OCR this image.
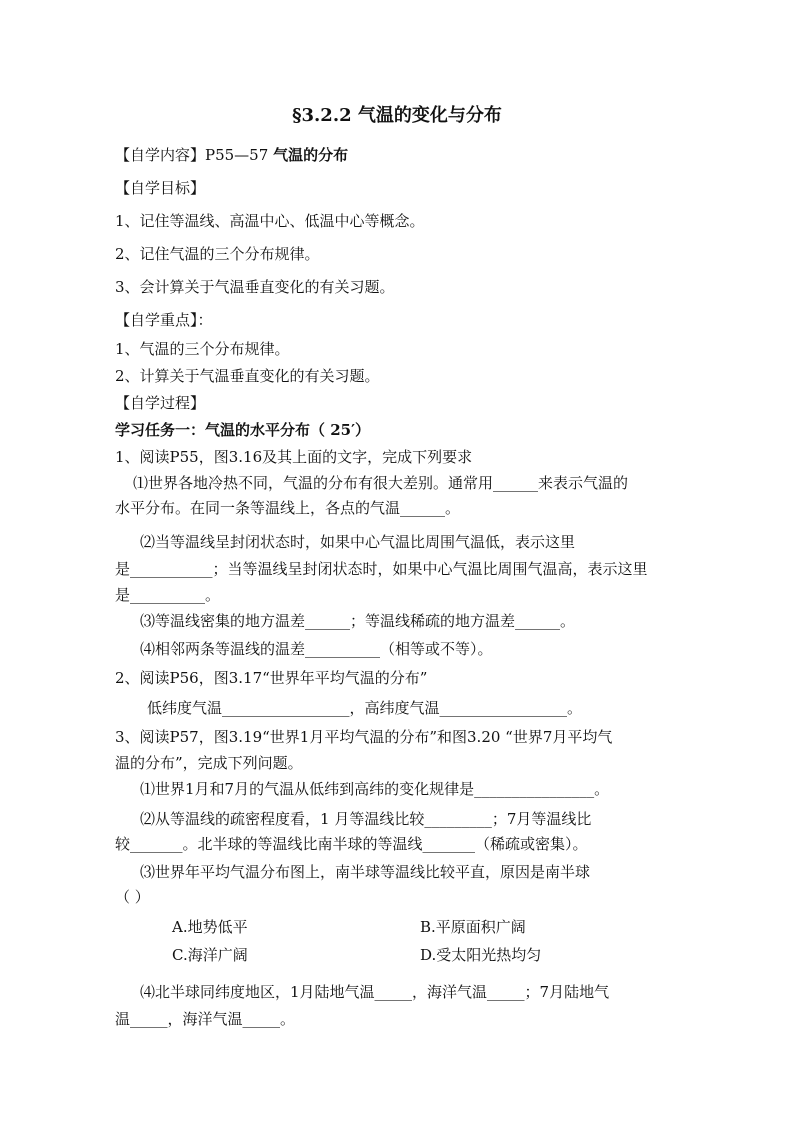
§3.2.2 气温的变化与分布
【自学内容】P55—57 气温的分布
【自学目标】
1、记住等温线、高温中心、低温中心等概念。
2、记住气温的三个分布规律。
3、会计算关于气温垂直变化的有关习题。
【自学重点】：
1、气温的三个分布规律。
2、计算关于气温垂直变化的有关习题。
【自学过程】
学习任务一：气温的水平分布（ 25′）
1、阅读P55，图3.16及其上面的文字，完成下列要求
⑴世界各地冷热不同，气温的分布有很大差别。通常用______来表示气温的
水平分布。在同一条等温线上，各点的气温______。
⑵当等温线呈封闭状态时，如果中心气温比周围气温低，表示这里
是___________；当等温线呈封闭状态时，如果中心气温比周围气温高，表示这里
是__________。
⑶等温线密集的地方温差______；等温线稀疏的地方温差______。
⑷相邻两条等温线的温差__________（相等或不等）。
2、阅读P56，图3.17“世界年平均气温的分布”
低纬度气温_________________，高纬度气温_________________。
3、阅读P57，图3.19“世界1月平均气温的分布”和图3.20 “世界7月平均气
温的分布”，完成下列问题。
⑴世界1月和7月的气温从低纬到高纬的变化规律是________________。
⑵从等温线的疏密程度看，1 月等温线比较_________；7月等温线比
较_______。北半球的等温线比南半球的等温线_______（稀疏或密集）。
⑶世界年平均气温分布图上，南半球等温线比较平直，原因是南半球
（ ）
A.地势低平	B.平原面积广阔
C.海洋广阔	D.受太阳光热均匀
⑷北半球同纬度地区，1月陆地气温_____，海洋气温_____；7月陆地气
温_____，海洋气温_____。
